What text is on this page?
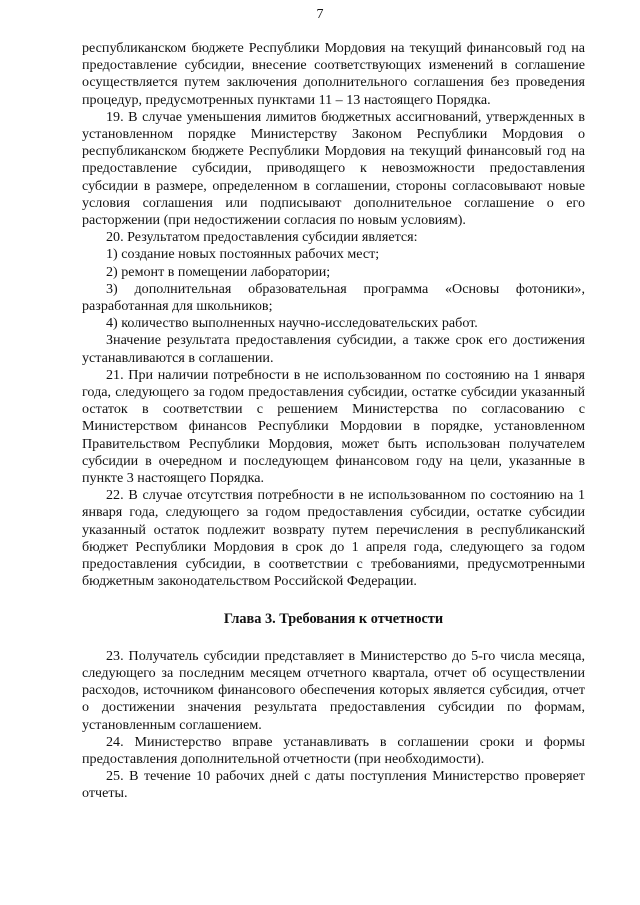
7

республиканском бюджете Республики Мордовия на текущий финансовый год на предоставление субсидии, внесение соответствующих изменений в соглашение осуществляется путем заключения дополнительного соглашения без проведения процедур, предусмотренных пунктами 11 – 13 настоящего Порядка.

19. В случае уменьшения лимитов бюджетных ассигнований, утвержденных в установленном порядке Министерству Законом Республики Мордовия о республиканском бюджете Республики Мордовия на текущий финансовый год на предоставление субсидии, приводящего к невозможности предоставления субсидии в размере, определенном в соглашении, стороны согласовывают новые условия соглашения или подписывают дополнительное соглашение о его расторжении (при недостижении согласия по новым условиям).

20. Результатом предоставления субсидии является:

1) создание новых постоянных рабочих мест;

2) ремонт в помещении лаборатории;

3) дополнительная образовательная программа «Основы фотоники», разработанная для школьников;

4) количество выполненных научно-исследовательских работ.

Значение результата предоставления субсидии, а также срок его достижения устанавливаются в соглашении.

21. При наличии потребности в не использованном по состоянию на 1 января года, следующего за годом предоставления субсидии, остатке субсидии указанный остаток в соответствии с решением Министерства по согласованию с Министерством финансов Республики Мордовии в порядке, установленном Правительством Республики Мордовия, может быть использован получателем субсидии в очередном и последующем финансовом году на цели, указанные в пункте 3 настоящего Порядка.

22. В случае отсутствия потребности в не использованном по состоянию на 1 января года, следующего за годом предоставления субсидии, остатке субсидии указанный остаток подлежит возврату путем перечисления в республиканский бюджет Республики Мордовия в срок до 1 апреля года, следующего за годом предоставления субсидии, в соответствии с требованиями, предусмотренными бюджетным законодательством Российской Федерации.

Глава 3. Требования к отчетности

23. Получатель субсидии представляет в Министерство до 5-го числа месяца, следующего за последним месяцем отчетного квартала, отчет об осуществлении расходов, источником финансового обеспечения которых является субсидия, отчет о достижении значения результата предоставления субсидии по формам, установленным соглашением.

24. Министерство вправе устанавливать в соглашении сроки и формы предоставления дополнительной отчетности (при необходимости).

25. В течение 10 рабочих дней с даты поступления Министерство проверяет отчеты.
